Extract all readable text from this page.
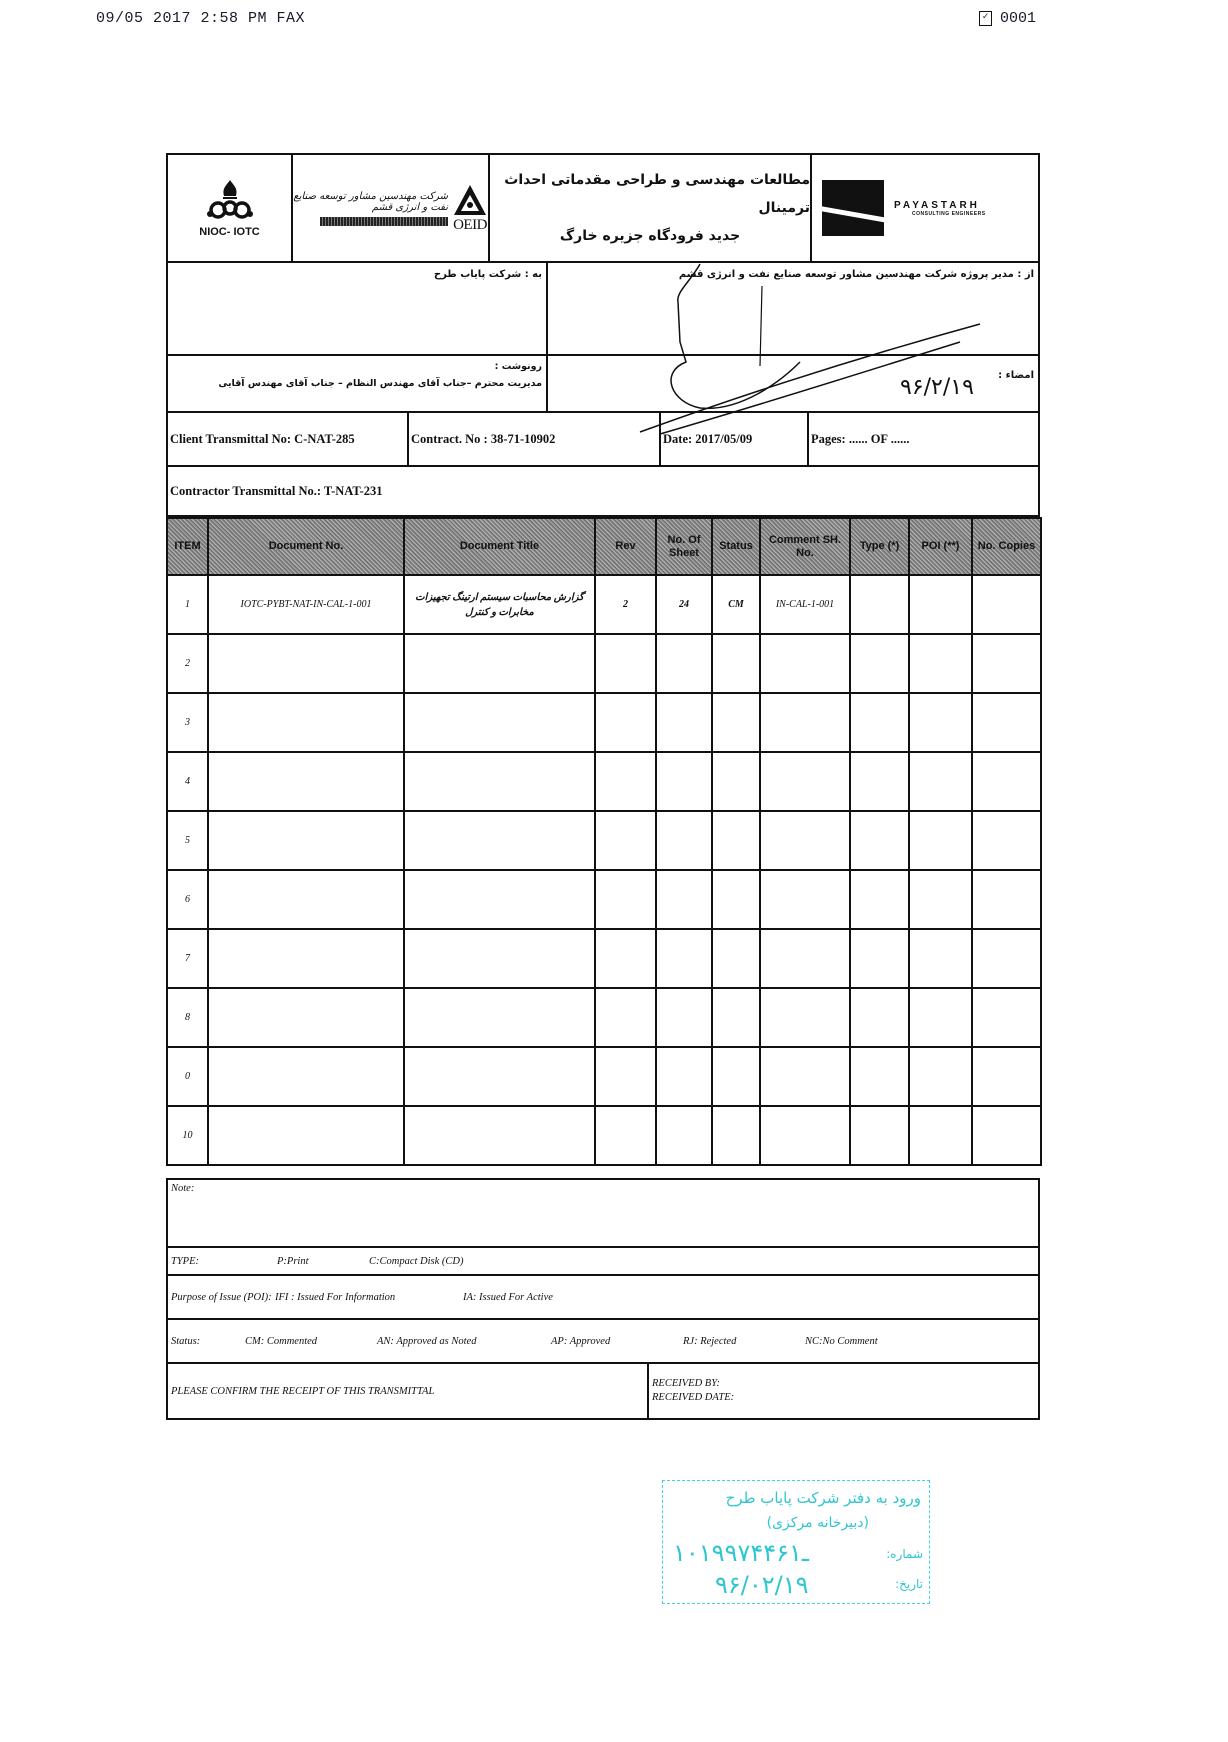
09/05 2017 2:58 PM FAX	✓ 0001
NIOC- IOTC
شرکت مهندسین مشاور توسعه صنایع نفت و انرژی قشم
OEID
مطالعات مهندسی و طراحی مقدماتی احداث ترمینال
جدید فرودگاه جزیره خارگ
PAYASTARH
CONSULTING ENGINEERS
به : شرکت پایاب طرح	از : مدیر پروژه شرکت مهندسین مشاور توسعه صنایع نفت و انرژی قشم
رونوشت :
مدیریت محترم –جناب آقای مهندس النظام – جناب آقای مهندس آقایی
امضاء :
Client Transmittal No: C-NAT-285	Contract. No : 38-71-10902	Date: 2017/05/09	Pages: ...... OF ......
Contractor Transmittal No.: T-NAT-231
ITEM	Document No.	Document Title	Rev	No. Of Sheet	Status	Comment SH. No.	Type (*)	POI (**)	No. Copies
1	IOTC-PYBT-NAT-IN-CAL-1-001	گزارش محاسبات سیستم ارتینگ تجهیزات مخابرات و کنترل	2	24	CM	IN-CAL-1-001			
2									
3									
4									
5									
6									
7									
8									
0									
10									
Note:
TYPE:	P:Print	C:Compact Disk (CD)
Purpose of Issue (POI): IFI : Issued For Information	IA: Issued For Active
Status:	CM: Commented	AN: Approved as Noted	AP: Approved	RJ: Rejected	NC:No Comment
PLEASE CONFIRM THE RECEIPT OF THIS TRANSMITTAL
RECEIVED BY:
RECEIVED DATE:
۹۶/۲/۱۹
ورود به دفتر شرکت پایاب طرح
(دبیرخانه مرکزی)
شماره:
۱۰۱۹۹ـ۷۴۴۶۱
تاریخ:
۹۶/۰۲/۱۹
